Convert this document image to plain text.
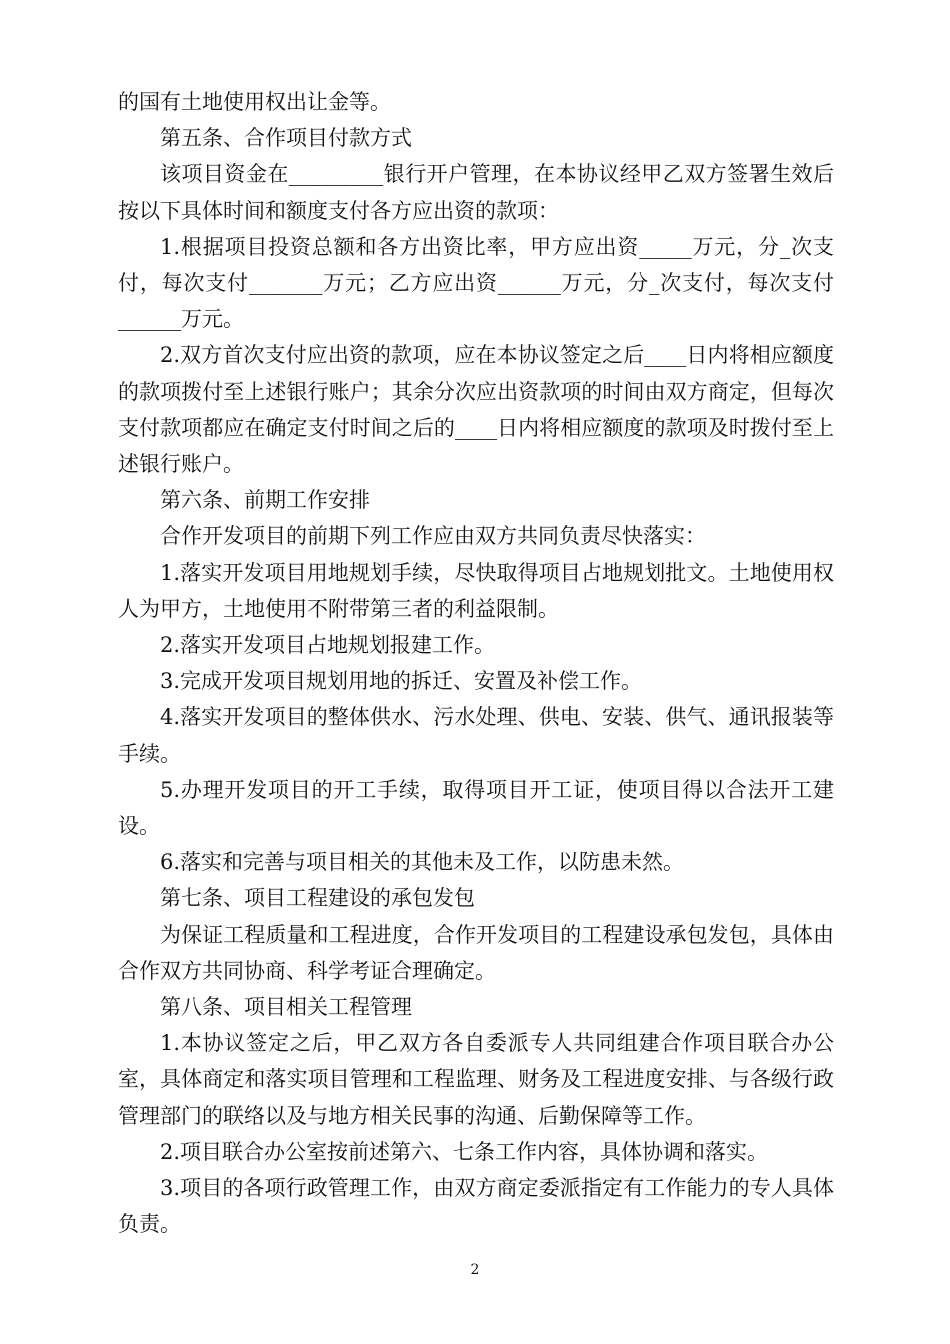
的国有土地使用权出让金等。

第五条、合作项目付款方式

该项目资金在_________银行开户管理，在本协议经甲乙双方签署生效后按以下具体时间和额度支付各方应出资的款项：

1.根据项目投资总额和各方出资比率，甲方应出资_____万元，分_次支付，每次支付_______万元；乙方应出资______万元，分_次支付，每次支付______万元。

2.双方首次支付应出资的款项，应在本协议签定之后____日内将相应额度的款项拨付至上述银行账户；其余分次应出资款项的时间由双方商定，但每次支付款项都应在确定支付时间之后的____日内将相应额度的款项及时拨付至上述银行账户。

第六条、前期工作安排

合作开发项目的前期下列工作应由双方共同负责尽快落实：

1.落实开发项目用地规划手续，尽快取得项目占地规划批文。土地使用权人为甲方，土地使用不附带第三者的利益限制。

2.落实开发项目占地规划报建工作。

3.完成开发项目规划用地的拆迁、安置及补偿工作。

4.落实开发项目的整体供水、污水处理、供电、安装、供气、通讯报装等手续。

5.办理开发项目的开工手续，取得项目开工证，使项目得以合法开工建设。

6.落实和完善与项目相关的其他未及工作，以防患未然。

第七条、项目工程建设的承包发包

为保证工程质量和工程进度，合作开发项目的工程建设承包发包，具体由合作双方共同协商、科学考证合理确定。

第八条、项目相关工程管理

1.本协议签定之后，甲乙双方各自委派专人共同组建合作项目联合办公室，具体商定和落实项目管理和工程监理、财务及工程进度安排、与各级行政管理部门的联络以及与地方相关民事的沟通、后勤保障等工作。

2.项目联合办公室按前述第六、七条工作内容，具体协调和落实。

3.项目的各项行政管理工作，由双方商定委派指定有工作能力的专人具体负责。

2
